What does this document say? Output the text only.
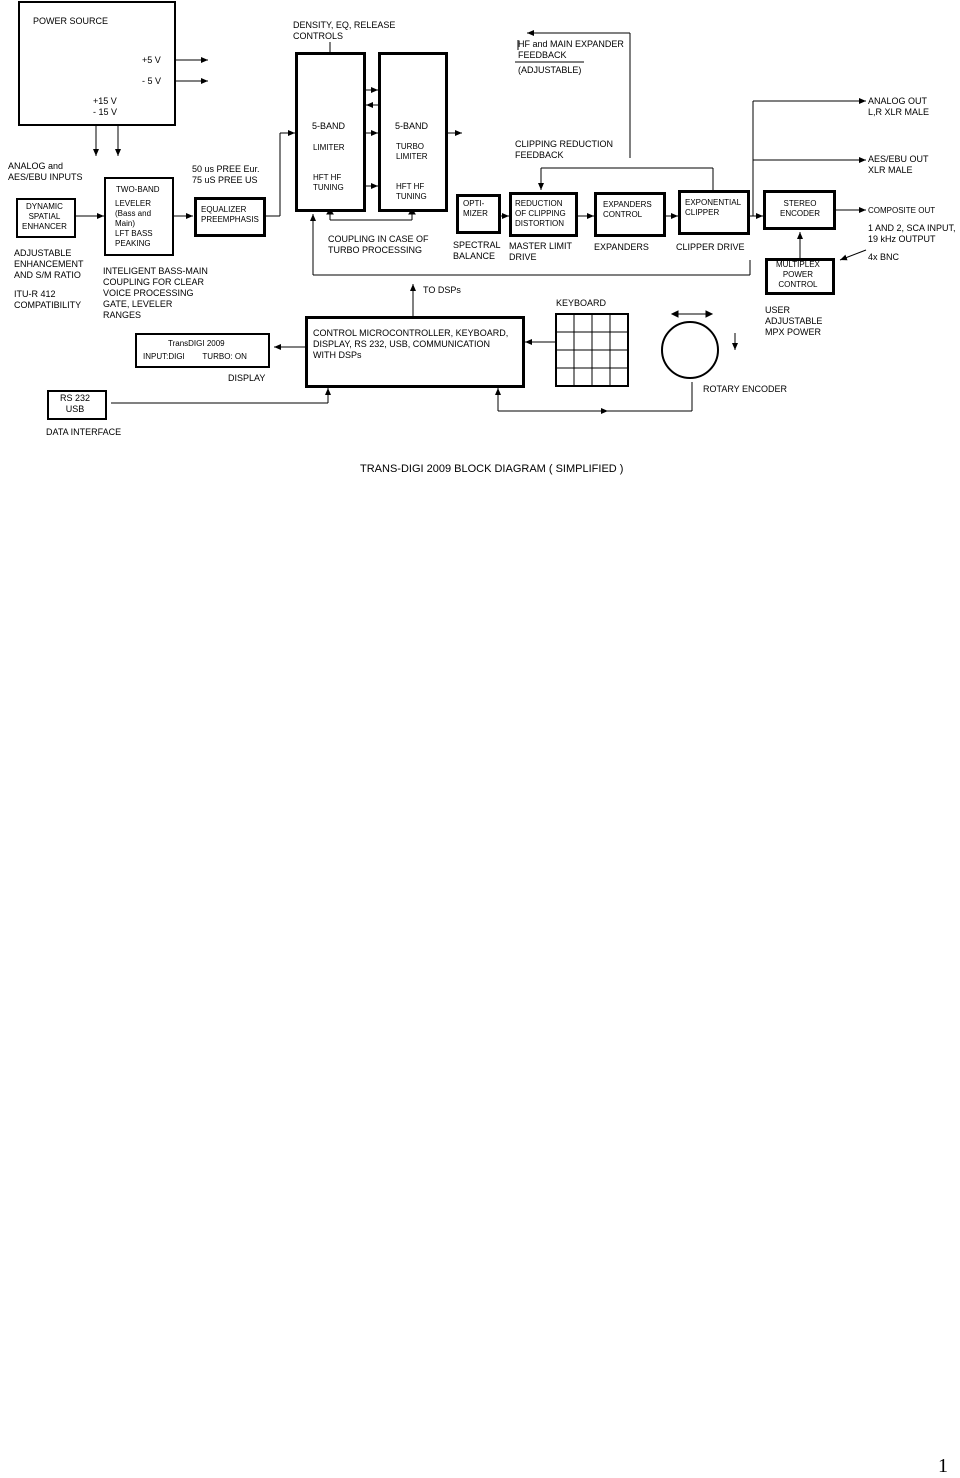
POWER SOURCE
+5 V
- 5 V
+15 V
- 15 V
DENSITY, EQ, RELEASE
CONTROLS
HF and MAIN EXPANDER
FEEDBACK
(ADJUSTABLE)
ANALOG and
AES/EBU INPUTS
DYNAMIC
SPATIAL
ENHANCER
ADJUSTABLE
ENHANCEMENT
AND S/M RATIO
ITU-R 412
COMPATIBILITY
TWO-BAND
LEVELER
(Bass and
Main)
LFT BASS
PEAKING
INTELIGENT BASS-MAIN
COUPLING FOR CLEAR
VOICE PROCESSING
GATE, LEVELER
RANGES
50 us PREE Eur.
75 uS PREE US
EQUALIZER
PREEMPHASIS
5-BAND
LIMITER

HFT HF
TUNING
5-BAND
TURBO
LIMITER

HFT HF
TUNING
COUPLING IN CASE OF
TURBO PROCESSING
OPTI-
MIZER
SPECTRAL
BALANCE
CLIPPING REDUCTION
FEEDBACK
REDUCTION
OF CLIPPING
DISTORTION
MASTER LIMIT
DRIVE
EXPANDERS
CONTROL
EXPANDERS
EXPONENTIAL
CLIPPER
CLIPPER DRIVE
STEREO
ENCODER
ANALOG OUT
L,R XLR MALE
AES/EBU OUT
XLR MALE
COMPOSITE OUT
1 AND 2, SCA INPUT,
19 kHz OUTPUT
4x BNC
MULTIPLEX
POWER
CONTROL
USER
ADJUSTABLE
MPX POWER
TO DSPs
KEYBOARD
CONTROL MICROCONTROLLER, KEYBOARD,
DISPLAY, RS 232, USB, COMMUNICATION
WITH DSPs
TransDIGI 2009
INPUT:DIGI        TURBO: ON
DISPLAY
RS 232
USB
DATA INTERFACE
ROTARY ENCODER
TRANS-DIGI 2009 BLOCK DIAGRAM ( SIMPLIFIED )
1
